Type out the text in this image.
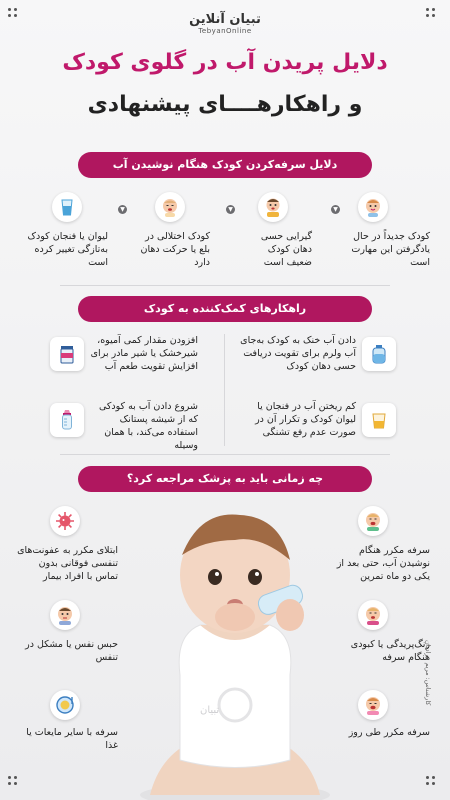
تبیان آنلاین
TebyanOnline
دلایل پریدن آب در گلوی کودک
و راهکارهــــای پیشنهادی
دلایل سرفه‌کردن کودک هنگام نوشیدن آب
کودک جدیداً در حال یادگرفتن این مهارت است
▼
گیرایی حسی دهان کودک ضعیف است
▼
کودک اختلالی در بلع یا حرکت دهان دارد
▼
لیوان یا فنجان کودک به‌تازگی تغییر کرده است
راهکارهای کمک‌کننده به کودک
دادن آب خنک به کودک به‌جای آب ولرم برای تقویت دریافت حسی دهان کودک
افزودن مقدار کمی آمیوه، شیرخشک یا شیر مادر برای افزایش تقویت طعم آب
کم ریختن آب در فنجان یا لیوان کودک و تکرار آن در صورت عدم رفع تشنگی
شروع دادن آب به کودکی که از شیشه پستانک استفاده می‌کند، با همان وسیله
چه زمانی باید به پزشک مراجعه کرد؟
تبیان
سرفه مکرر هنگام نوشیدن آب، حتی بعد از یکی دو ماه تمرین
رنگ‌پریدگی یا کبودی هنگام سرفه
سرفه مکرر طی روز
ابتلای مکرر به عفونت‌های تنفسی فوقانی بدون تماس با افراد بیمار
حبس نفس یا مشکل در تنفس
سرفه با سایر مایعات یا غذا
کارشناس: مریم مرادیان
